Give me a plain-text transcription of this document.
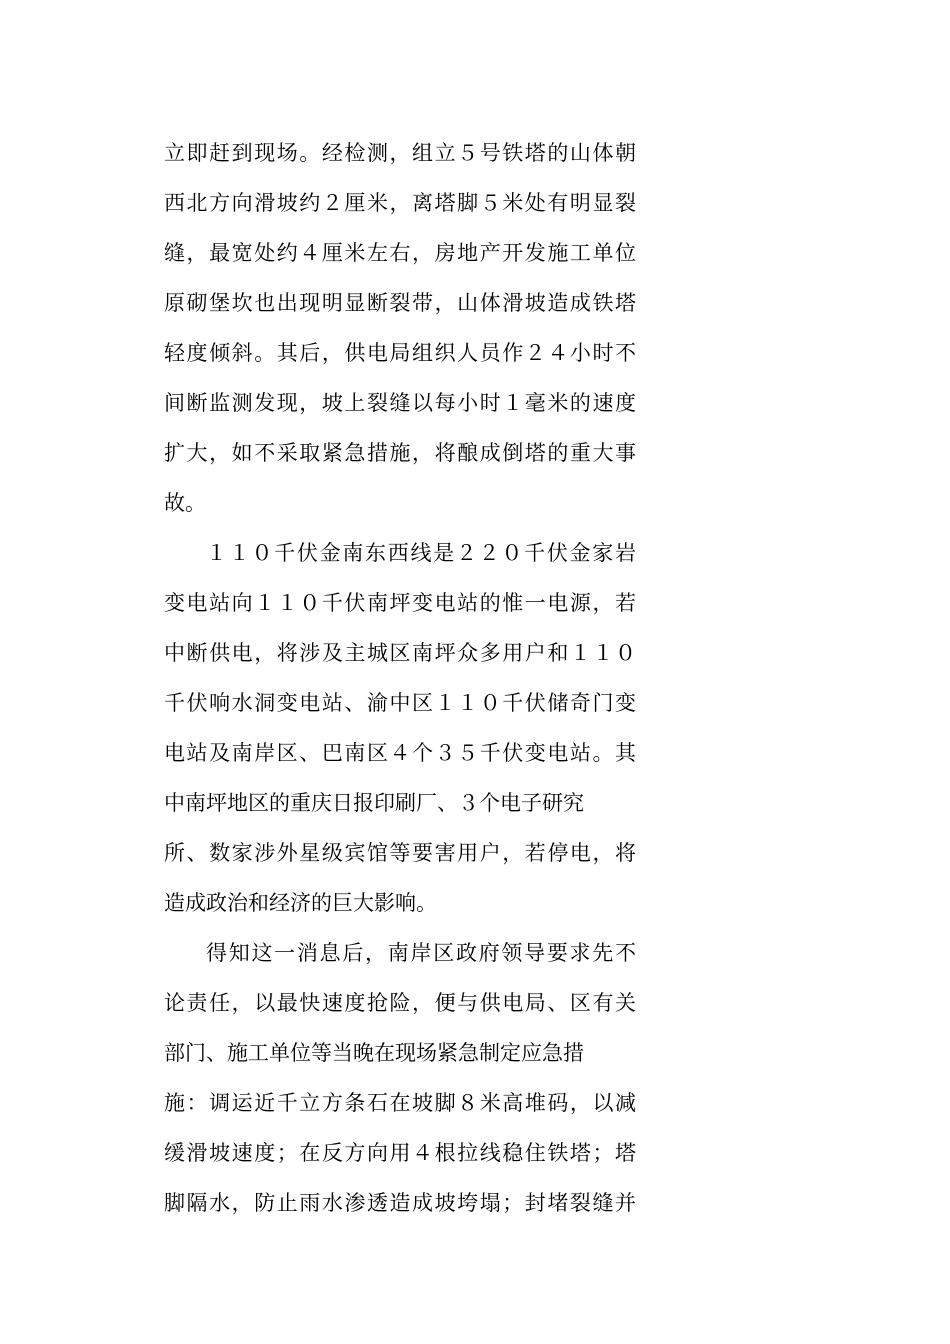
立即赶到现场。经检测，组立５号铁塔的山体朝
西北方向滑坡约２厘米，离塔脚５米处有明显裂
缝，最宽处约４厘米左右，房地产开发施工单位
原砌堡坎也出现明显断裂带，山体滑坡造成铁塔
轻度倾斜。其后，供电局组织人员作２４小时不
间断监测发现，坡上裂缝以每小时１毫米的速度
扩大，如不采取紧急措施，将酿成倒塔的重大事
故。
１１０千伏金南东西线是２２０千伏金家岩
变电站向１１０千伏南坪变电站的惟一电源，若
中断供电，将涉及主城区南坪众多用户和１１０
千伏响水洞变电站、渝中区１１０千伏储奇门变
电站及南岸区、巴南区４个３５千伏变电站。其
中南坪地区的重庆日报印刷厂、３个电子研究
所、数家涉外星级宾馆等要害用户，若停电，将
造成政治和经济的巨大影响。
得知这一消息后，南岸区政府领导要求先不
论责任，以最快速度抢险，便与供电局、区有关
部门、施工单位等当晚在现场紧急制定应急措
施：调运近千立方条石在坡脚８米高堆码，以减
缓滑坡速度；在反方向用４根拉线稳住铁塔；塔
脚隔水，防止雨水渗透造成坡垮塌；封堵裂缝并
